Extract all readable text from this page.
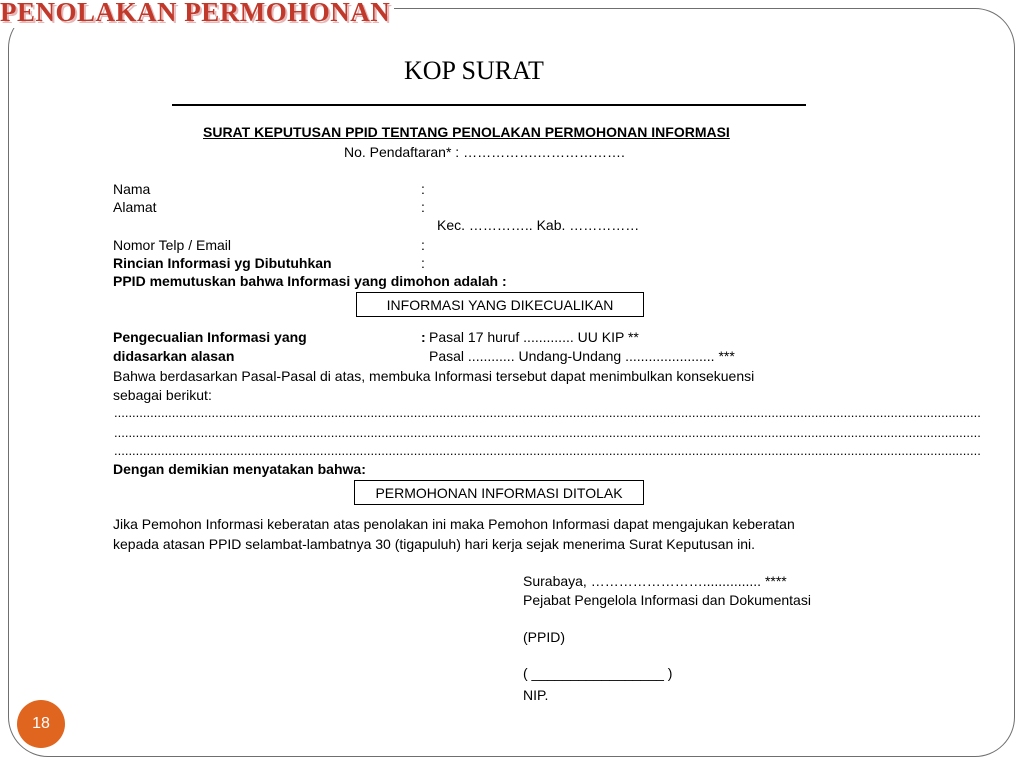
PENOLAKAN PERMOHONAN
KOP SURAT
SURAT KEPUTUSAN PPID TENTANG PENOLAKAN PERMOHONAN INFORMASI
No. Pendaftaran* : …………….……………….
Nama	:
Alamat	:
Kec. ………….. Kab. ……………
Nomor Telp / Email	:
Rincian Informasi yg Dibutuhkan	:
PPID memutuskan bahwa Informasi yang dimohon adalah :
INFORMASI YANG DIKECUALIKAN
Pengecualian Informasi yang	: Pasal 17 huruf ............. UU KIP **
didasarkan alasan	Pasal ............ Undang-Undang ....................... ***
Bahwa berdasarkan Pasal-Pasal di atas, membuka Informasi tersebut dapat menimbulkan konsekuensi
sebagai berikut:
................................................................................................................................................................................................................................................
................................................................................................................................................................................................................................................
................................................................................................................................................................................................................................................
Dengan demikian menyatakan bahwa:
PERMOHONAN INFORMASI DITOLAK
Jika Pemohon Informasi keberatan atas penolakan ini maka Pemohon Informasi dapat mengajukan keberatan
kepada atasan PPID selambat-lambatnya 30 (tigapuluh) hari kerja sejak menerima Surat Keputusan ini.
Surabaya, ……………………............... ****
Pejabat Pengelola Informasi dan Dokumentasi
(PPID)
( _________________ )
NIP.
18
